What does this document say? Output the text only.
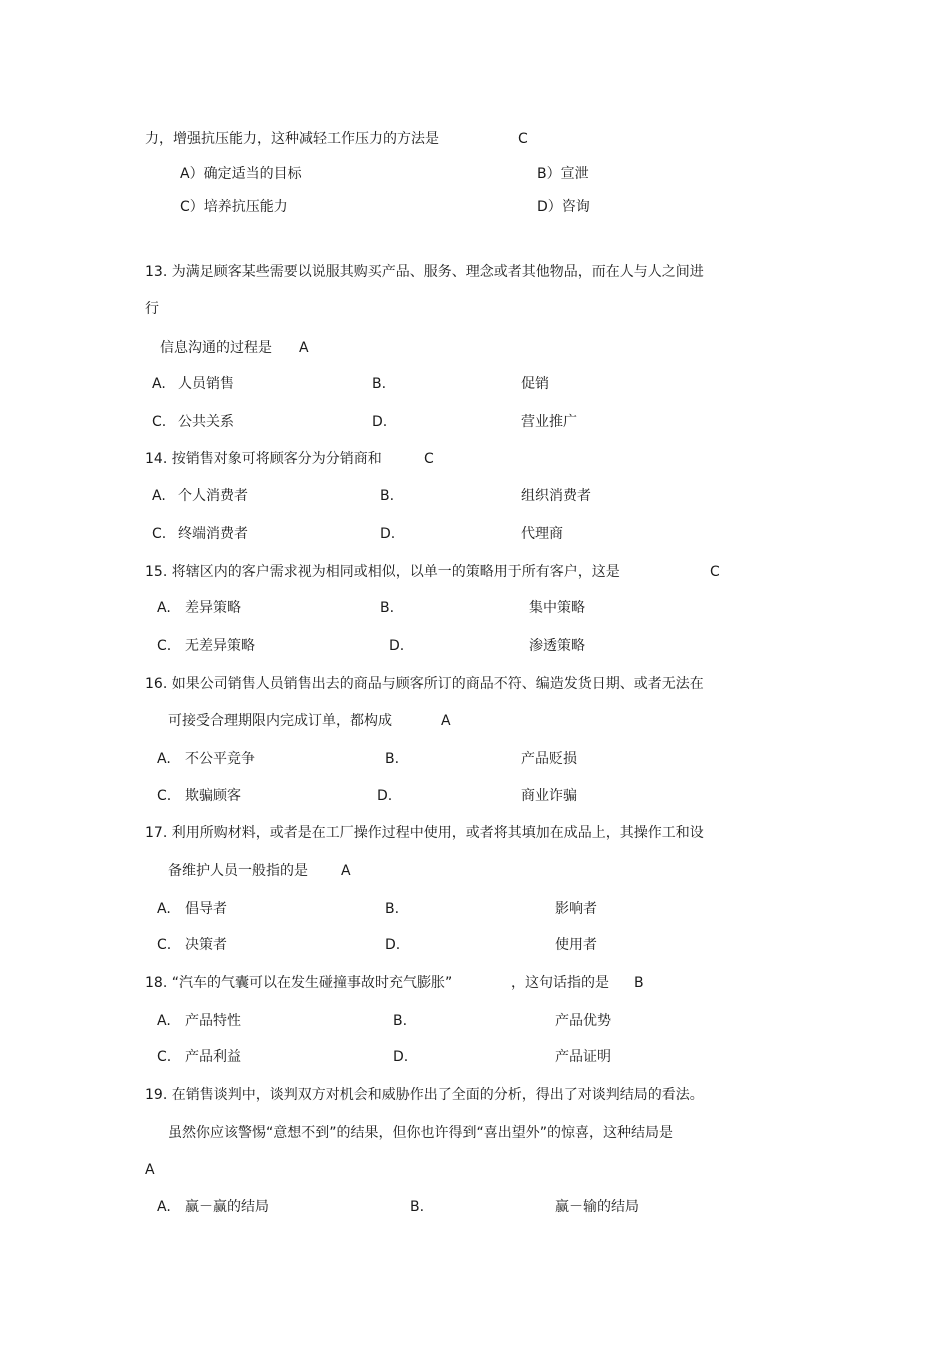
力，增强抗压能力，这种减轻工作压力的方法是	C
A）确定适当的目标	B）宣泄
C）培养抗压能力	D）咨询
13. 为满足顾客某些需要以说服其购买产品、服务、理念或者其他物品，而在人与人之间进
行
信息沟通的过程是 A
A. 人员销售	B.	促销
C. 公共关系	D.	营业推广
14. 按销售对象可将顾客分为分销商和	C
A. 个人消费者	B.	组织消费者
C. 终端消费者	D.	代理商
15. 将辖区内的客户需求视为相同或相似，以单一的策略用于所有客户，这是	C
A. 差异策略	B.	集中策略
C. 无差异策略	D.	渗透策略
16. 如果公司销售人员销售出去的商品与顾客所订的商品不符、编造发货日期、或者无法在
可接受合理期限内完成订单，都构成	A
A. 不公平竞争	B.	产品贬损
C. 欺骗顾客	D.	商业诈骗
17. 利用所购材料，或者是在工厂操作过程中使用，或者将其填加在成品上，其操作工和设
备维护人员一般指的是 A
A. 倡导者	B.	影响者
C. 决策者	D.	使用者
18. “汽车的气囊可以在发生碰撞事故时充气膨胀”	，这句话指的是 B
A. 产品特性	B.	产品优势
C. 产品利益	D.	产品证明
19. 在销售谈判中，谈判双方对机会和威胁作出了全面的分析，得出了对谈判结局的看法。
虽然你应该警惕“意想不到”的结果，但你也许得到“喜出望外”的惊喜，这种结局是
A
A. 赢－赢的结局	B.	赢－输的结局
